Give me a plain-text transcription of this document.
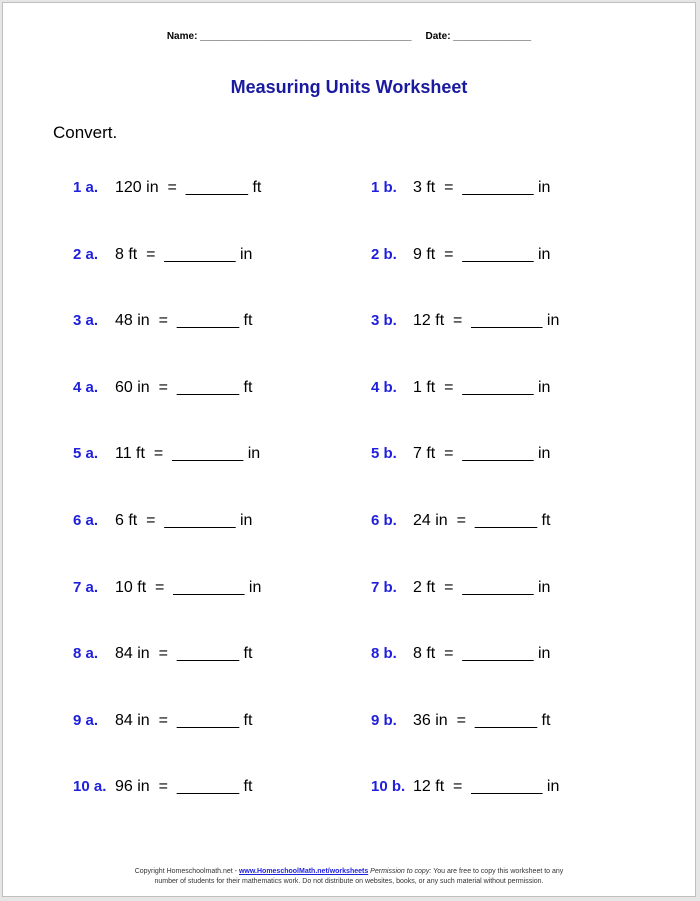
Name: ______________________________________ Date: ______________
Measuring Units Worksheet
Convert.
1 a. 120 in  =  _______ ft	1 b. 3 ft  =  ________ in
2 a. 8 ft  =  ________ in	2 b. 9 ft  =  ________ in
3 a. 48 in  =  _______ ft	3 b. 12 ft  =  ________ in
4 a. 60 in  =  _______ ft	4 b. 1 ft  =  ________ in
5 a. 11 ft  =  ________ in	5 b. 7 ft  =  ________ in
6 a. 6 ft  =  ________ in	6 b. 24 in  =  _______ ft
7 a. 10 ft  =  ________ in	7 b. 2 ft  =  ________ in
8 a. 84 in  =  _______ ft	8 b. 8 ft  =  ________ in
9 a. 84 in  =  _______ ft	9 b. 36 in  =  _______ ft
10 a. 96 in  =  _______ ft	10 b. 12 ft  =  ________ in
Copyright Homeschoolmath.net - www.HomeschoolMath.net/worksheets Permission to copy: You are free to copy this worksheet to any
number of students for their mathematics work. Do not distribute on websites, books, or any such material without permission.
